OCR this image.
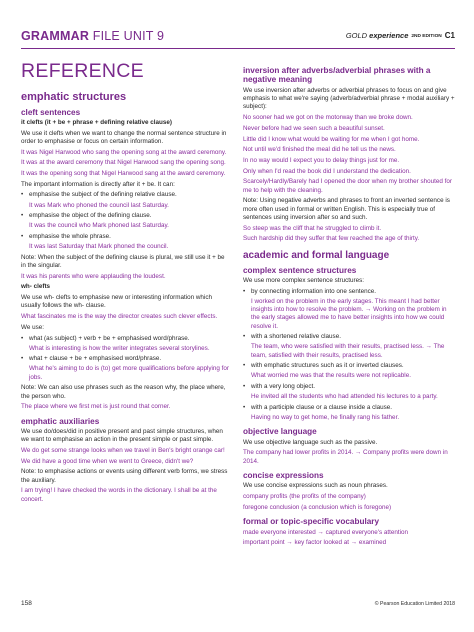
GRAMMAR FILE UNIT 9	GOLD experience 2ND EDITION C1
REFERENCE
emphatic structures
cleft sentences
it clefts (it + be + phrase + defining relative clause)
We use it clefts when we want to change the normal sentence structure in order to emphasise or focus on certain information.
It was Nigel Harwood who sang the opening song at the award ceremony.
It was at the award ceremony that Nigel Harwood sang the opening song.
It was the opening song that Nigel Harwood sang at the award ceremony.
The important information is directly after it + be. It can:
• emphasise the subject of the defining relative clause.
It was Mark who phoned the council last Saturday.
• emphasise the object of the defining clause.
It was the council who Mark phoned last Saturday.
• emphasise the whole phrase.
It was last Saturday that Mark phoned the council.
Note: When the subject of the defining clause is plural, we still use it + be in the singular.
It was his parents who were applauding the loudest.
wh- clefts
We use wh- clefts to emphasise new or interesting information which usually follows the wh- clause.
What fascinates me is the way the director creates such clever effects.
We use:
• what (as subject) + verb + be + emphasised word/phrase.
What is interesting is how the writer integrates several storylines.
• what + clause + be + emphasised word/phrase.
What he's aiming to do is (to) get more qualifications before applying for jobs.
Note: We can also use phrases such as the reason why, the place where, the person who.
The place where we first met is just round that corner.
emphatic auxiliaries
We use do/does/did in positive present and past simple structures, when we want to emphasise an action in the present simple or past simple.
We do get some strange looks when we travel in Ben's bright orange car!
We did have a good time when we went to Greece, didn't we?
Note: to emphasise actions or events using different verb forms, we stress the auxiliary.
I am trying! I have checked the words in the dictionary. I shall be at the concert.
inversion after adverbs/adverbial phrases with a negative meaning
We use inversion after adverbs or adverbial phrases to focus on and give emphasis to what we're saying (adverb/adverbial phrase + modal auxiliary + subject):
No sooner had we got on the motorway than we broke down.
Never before had we seen such a beautiful sunset.
Little did I know what would be waiting for me when I got home.
Not until we'd finished the meal did he tell us the news.
In no way would I expect you to delay things just for me.
Only when I'd read the book did I understand the dedication.
Scarcely/Hardly/Barely had I opened the door when my brother shouted for me to help with the cleaning.
Note: Using negative adverbs and phrases to front an inverted sentence is more often used in formal or written English. This is especially true of sentences using inversion after so and such.
So steep was the cliff that he struggled to climb it.
Such hardship did they suffer that few reached the age of thirty.
academic and formal language
complex sentence structures
We use more complex sentence structures:
• by connecting information into one sentence.
I worked on the problem in the early stages. This meant I had better insights into how to resolve the problem. → Working on the problem in the early stages allowed me to have better insights into how we could resolve it.
• with a shortened relative clause.
The team, who were satisfied with their results, practised less. → The team, satisfied with their results, practised less.
• with emphatic structures such as it or inverted clauses.
What worried me was that the results were not replicable.
• with a very long object.
He invited all the students who had attended his lectures to a party.
• with a participle clause or a clause inside a clause.
Having no way to get home, he finally rang his father.
objective language
We use objective language such as the passive.
The company had lower profits in 2014. → Company profits were down in 2014.
concise expressions
We use concise expressions such as noun phrases.
company profits (the profits of the company)
foregone conclusion (a conclusion which is foregone)
formal or topic-specific vocabulary
made everyone interested → captured everyone's attention
important point → key factor looked at → examined
158	© Pearson Education Limited 2018
